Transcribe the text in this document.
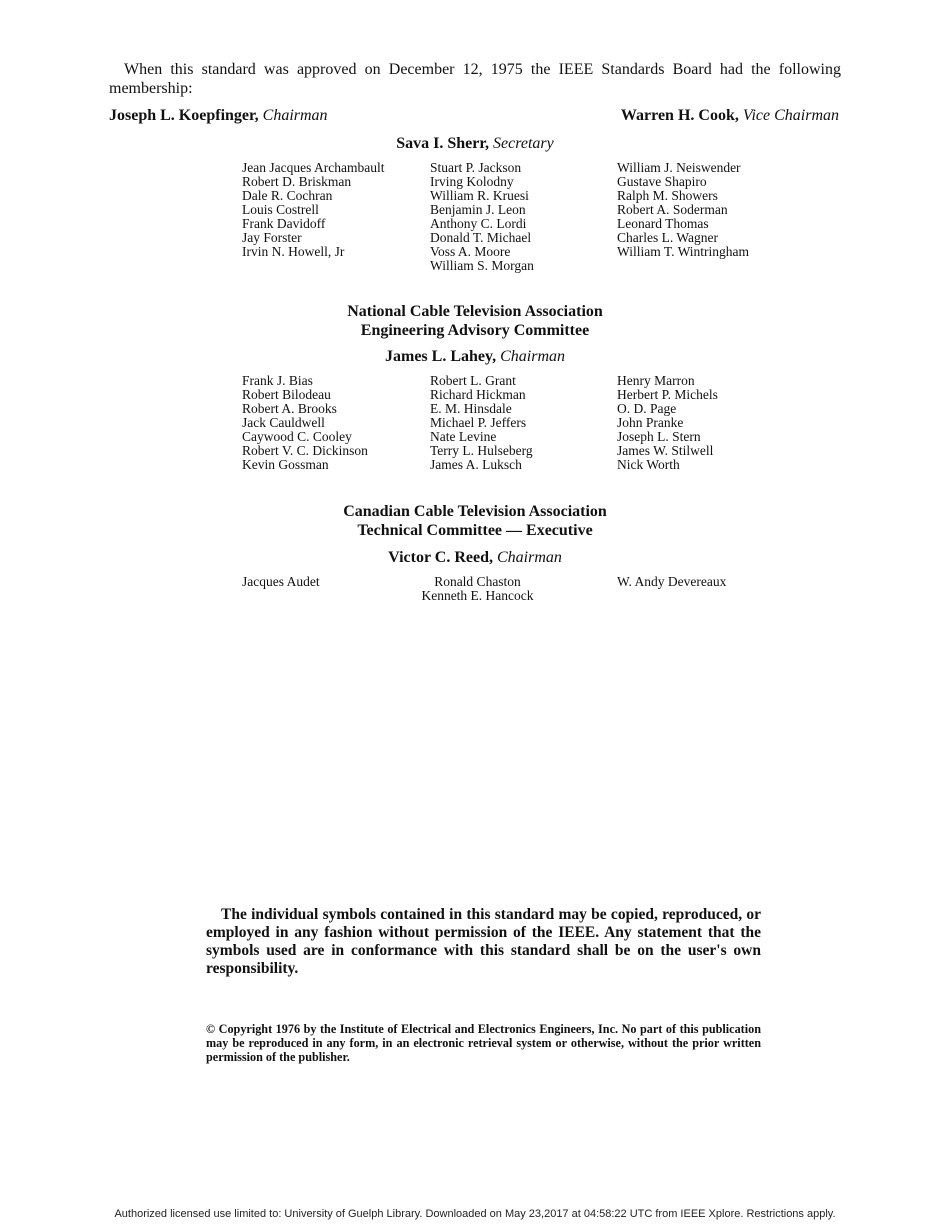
When this standard was approved on December 12, 1975 the IEEE Standards Board had the following membership:
Joseph L. Koepfinger, Chairman	Warren H. Cook, Vice Chairman
Sava I. Sherr, Secretary
Jean Jacques Archambault
Robert D. Briskman
Dale R. Cochran
Louis Costrell
Frank Davidoff
Jay Forster
Irvin N. Howell, Jr
Stuart P. Jackson
Irving Kolodny
William R. Kruesi
Benjamin J. Leon
Anthony C. Lordi
Donald T. Michael
Voss A. Moore
William S. Morgan
William J. Neiswender
Gustave Shapiro
Ralph M. Showers
Robert A. Soderman
Leonard Thomas
Charles L. Wagner
William T. Wintringham
National Cable Television Association
Engineering Advisory Committee
James L. Lahey, Chairman
Frank J. Bias
Robert Bilodeau
Robert A. Brooks
Jack Cauldwell
Caywood C. Cooley
Robert V. C. Dickinson
Kevin Gossman
Robert L. Grant
Richard Hickman
E. M. Hinsdale
Michael P. Jeffers
Nate Levine
Terry L. Hulseberg
James A. Luksch
Henry Marron
Herbert P. Michels
O. D. Page
John Pranke
Joseph L. Stern
James W. Stilwell
Nick Worth
Canadian Cable Television Association
Technical Committee — Executive
Victor C. Reed, Chairman
Jacques Audet	Ronald Chaston
Kenneth E. Hancock
W. Andy Devereaux
The individual symbols contained in this standard may be copied, reproduced, or employed in any fashion without permission of the IEEE. Any statement that the symbols used are in conformance with this standard shall be on the user's own responsibility.
© Copyright 1976 by the Institute of Electrical and Electronics Engineers, Inc. No part of this publication may be reproduced in any form, in an electronic retrieval system or otherwise, without the prior written permission of the publisher.
Authorized licensed use limited to: University of Guelph Library. Downloaded on May 23,2017 at 04:58:22 UTC from IEEE Xplore. Restrictions apply.
